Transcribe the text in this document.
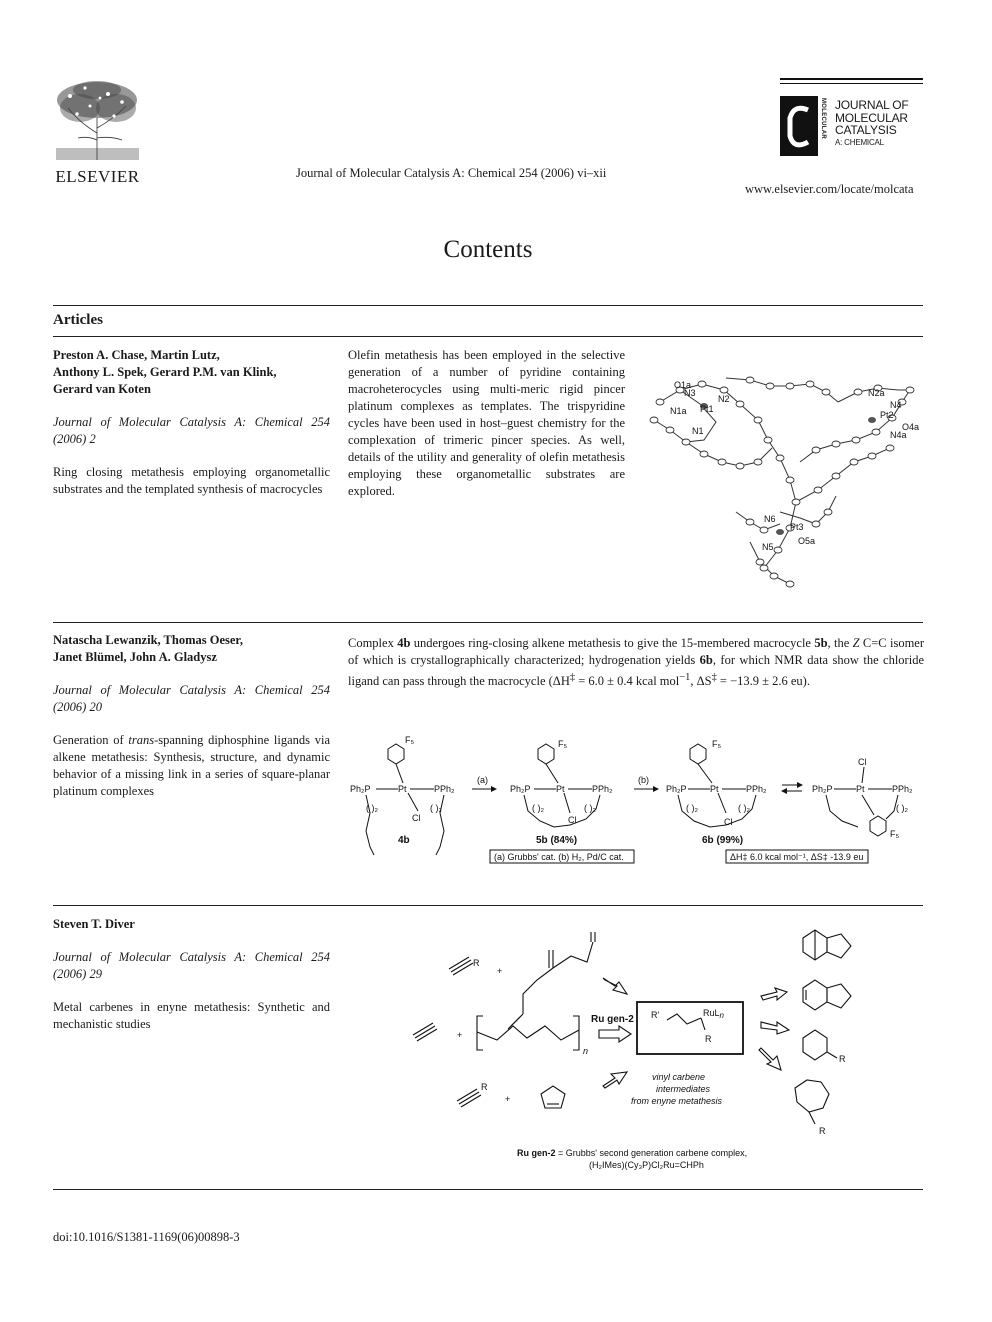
ELSEVIER	Journal of Molecular Catalysis A: Chemical 254 (2006) vi–xii
MOLECULAR JOURNAL OF
MOLECULAR
CATALYSIS
A: CHEMICAL
www.elsevier.com/locate/molcata
Contents
Articles
Preston A. Chase, Martin Lutz,
Anthony L. Spek, Gerard P.M. van Klink,
Gerard van Koten
Journal of Molecular Catalysis A: Chemical 254 (2006) 2
Ring closing metathesis employing organometallic substrates and the templated synthesis of macrocycles
Olefin metathesis has been employed in the selective generation of a number of pyridine containing macroheterocycles using multi-meric rigid pincer platinum complexes as templates. The trispyridine cycles have been used in host–guest chemistry for the complexation of trimeric pincer species. As well, details of the utility and generality of olefin metathesis employing these organometallic substrates are explored.
N1
N2
Pt1
N3
N1a
N2a
O1a
Pt2
N4a
O4a
N4
N5
Pt3
N6
O5a
Natascha Lewanzik, Thomas Oeser,
Janet Blümel, John A. Gladysz
Journal of Molecular Catalysis A: Chemical 254 (2006) 20
Generation of trans-spanning diphosphine ligands via alkene metathesis: Synthesis, structure, and dynamic behavior of a missing link in a series of square-planar platinum complexes
Complex 4b undergoes ring-closing alkene metathesis to give the 15-membered macrocycle 5b, the Z C=C isomer of which is crystallographically characterized; hydrogenation yields 6b, for which NMR data show the chloride ligand can pass through the macrocycle (ΔH‡ = 6.0 ± 0.4 kcal mol$^{-1}$, ΔS‡ = −13.9 ± 2.6 eu).
F₅
Ph₂P	Pt	PPh₂
Cl
( )₂	( )₂
4b
(a)
F₅
Ph₂P	Pt	PPh₂
Cl
( )₂	( )₂
5b (84%)
(a) Grubbs' cat. (b) H₂, Pd/C cat.
(b)
F₅
Ph₂P	Pt	PPh₂
Cl
( )₂	( )₂
6b (99%)
ΔH‡ 6.0 kcal mol⁻¹, ΔS‡ -13.9 eu
Cl
Ph₂P	Pt	PPh₂
F₅
( )₂
Steven T. Diver
Journal of Molecular Catalysis A: Chemical 254 (2006) 29
Metal carbenes in enyne metathesis: Synthetic and mechanistic studies
R
+
+
n
R
+
Ru gen-2 R'	RuLn
R
vinyl carbene
intermediates
from enyne metathesis
R
R
Ru gen-2 = Grubbs' second generation carbene complex,
(H₂IMes)(Cy₃P)Cl₂Ru=CHPh
doi:10.1016/S1381-1169(06)00898-3
